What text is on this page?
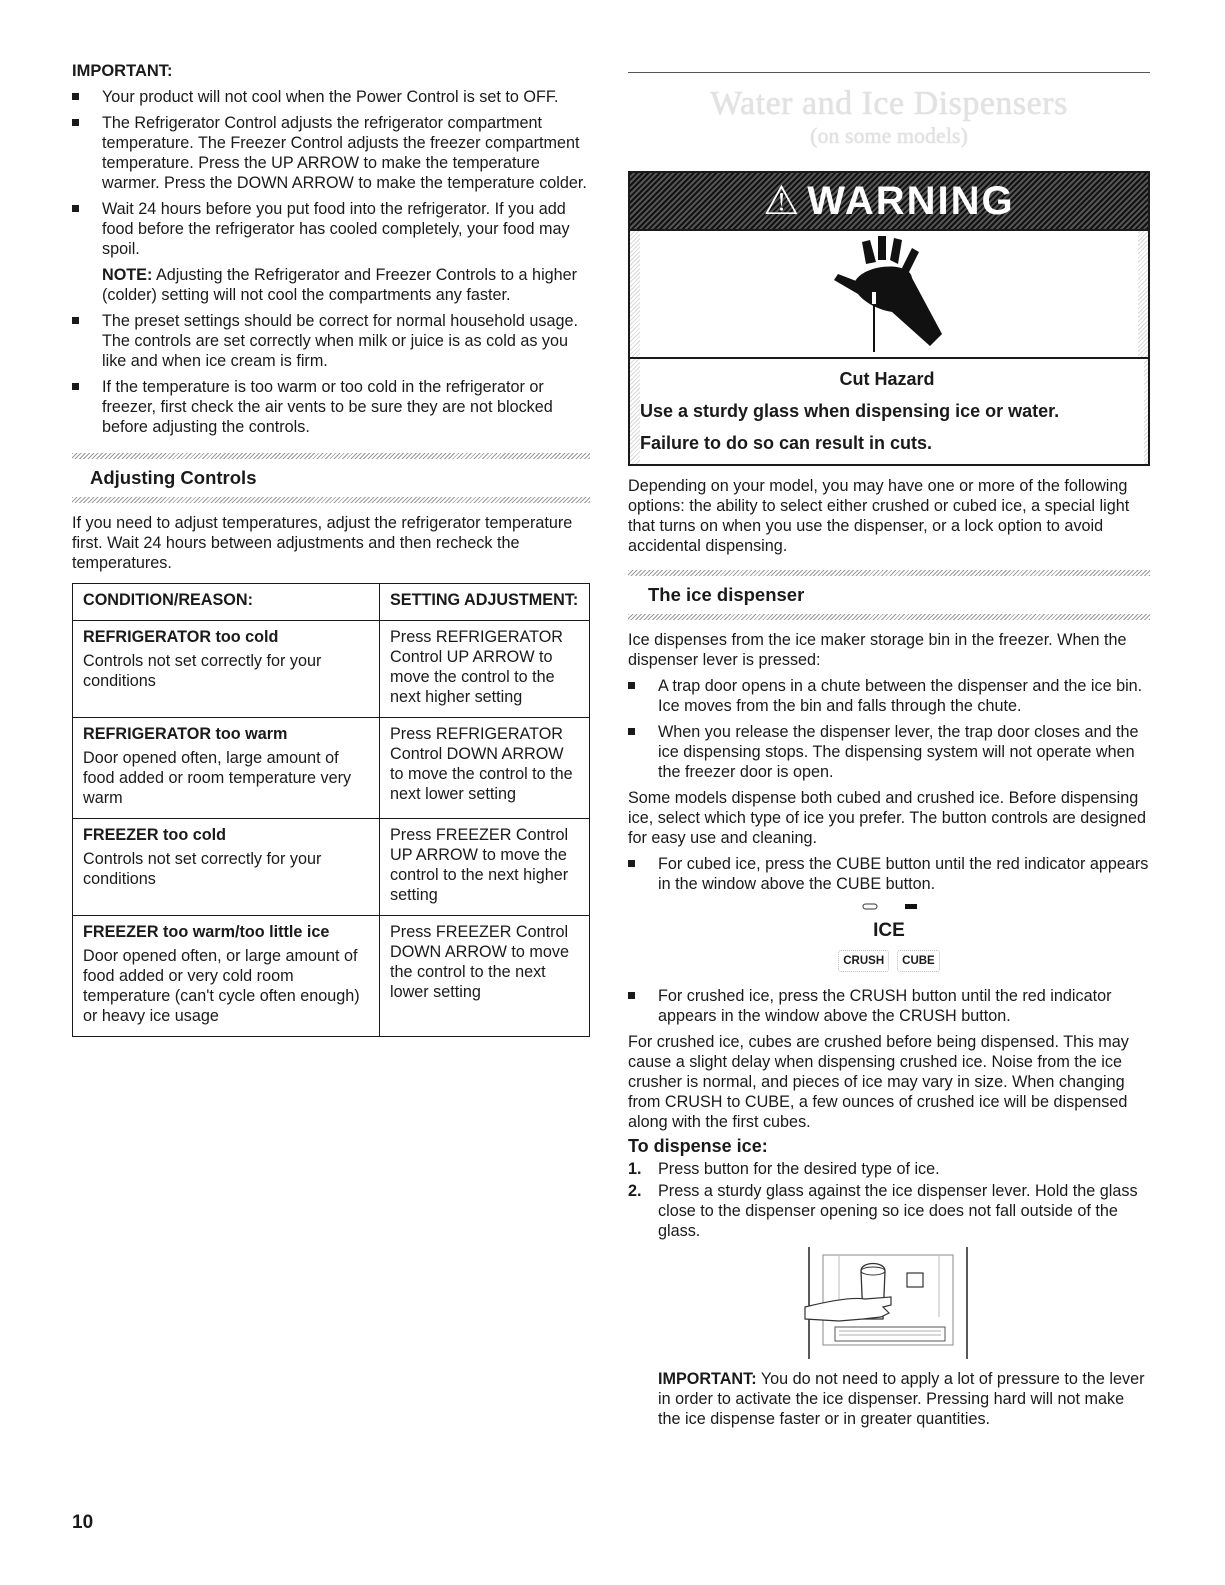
IMPORTANT:

Your product will not cool when the Power Control is set to OFF.
The Refrigerator Control adjusts the refrigerator compartment temperature. The Freezer Control adjusts the freezer compartment temperature. Press the UP ARROW to make the temperature warmer. Press the DOWN ARROW to make the temperature colder.
Wait 24 hours before you put food into the refrigerator. If you add food before the refrigerator has cooled completely, your food may spoil.

NOTE: Adjusting the Refrigerator and Freezer Controls to a higher (colder) setting will not cool the compartments any faster.

The preset settings should be correct for normal household usage. The controls are set correctly when milk or juice is as cold as you like and when ice cream is firm.
If the temperature is too warm or too cold in the refrigerator or freezer, first check the air vents to be sure they are not blocked before adjusting the controls.
Adjusting Controls

If you need to adjust temperatures, adjust the refrigerator temperature first. Wait 24 hours between adjustments and then recheck the temperatures.

CONDITION/REASON:	SETTING ADJUSTMENT:

REFRIGERATOR too cold
Controls not set correctly for your conditions	Press REFRIGERATOR Control UP ARROW to move the control to the next higher setting

REFRIGERATOR too warm
Door opened often, large amount of food added or room temperature very warm	Press REFRIGERATOR Control DOWN ARROW to move the control to the next lower setting

FREEZER too cold
Controls not set correctly for your conditions	Press FREEZER Control UP ARROW to move the control to the next higher setting

FREEZER too warm/too little ice
Door opened often, or large amount of food added or very cold room temperature (can't cycle often enough) or heavy ice usage	Press FREEZER Control DOWN ARROW to move the control to the next lower setting
Water and Ice Dispensers
(on some models)
⚠ WARNING
Cut Hazard
Use a sturdy glass when dispensing ice or water.
Failure to do so can result in cuts.

Depending on your model, you may have one or more of the following options: the ability to select either crushed or cubed ice, a special light that turns on when you use the dispenser, or a lock option to avoid accidental dispensing.

The ice dispenser

Ice dispenses from the ice maker storage bin in the freezer. When the dispenser lever is pressed:

A trap door opens in a chute between the dispenser and the ice bin. Ice moves from the bin and falls through the chute.
When you release the dispenser lever, the trap door closes and the ice dispensing stops. The dispensing system will not operate when the freezer door is open.

Some models dispense both cubed and crushed ice. Before dispensing ice, select which type of ice you prefer. The button controls are designed for easy use and cleaning.

For cubed ice, press the CUBE button until the red indicator appears in the window above the CUBE button.
ICE
CRUSH	CUBE
For crushed ice, press the CRUSH button until the red indicator appears in the window above the CRUSH button.

For crushed ice, cubes are crushed before being dispensed. This may cause a slight delay when dispensing crushed ice. Noise from the ice crusher is normal, and pieces of ice may vary in size. When changing from CRUSH to CUBE, a few ounces of crushed ice will be dispensed along with the first cubes.

To dispense ice:
1. Press button for the desired type of ice.
2. Press a sturdy glass against the ice dispenser lever. Hold the glass close to the dispenser opening so ice does not fall outside of the glass.

IMPORTANT: You do not need to apply a lot of pressure to the lever in order to activate the ice dispenser. Pressing hard will not make the ice dispense faster or in greater quantities.

10
